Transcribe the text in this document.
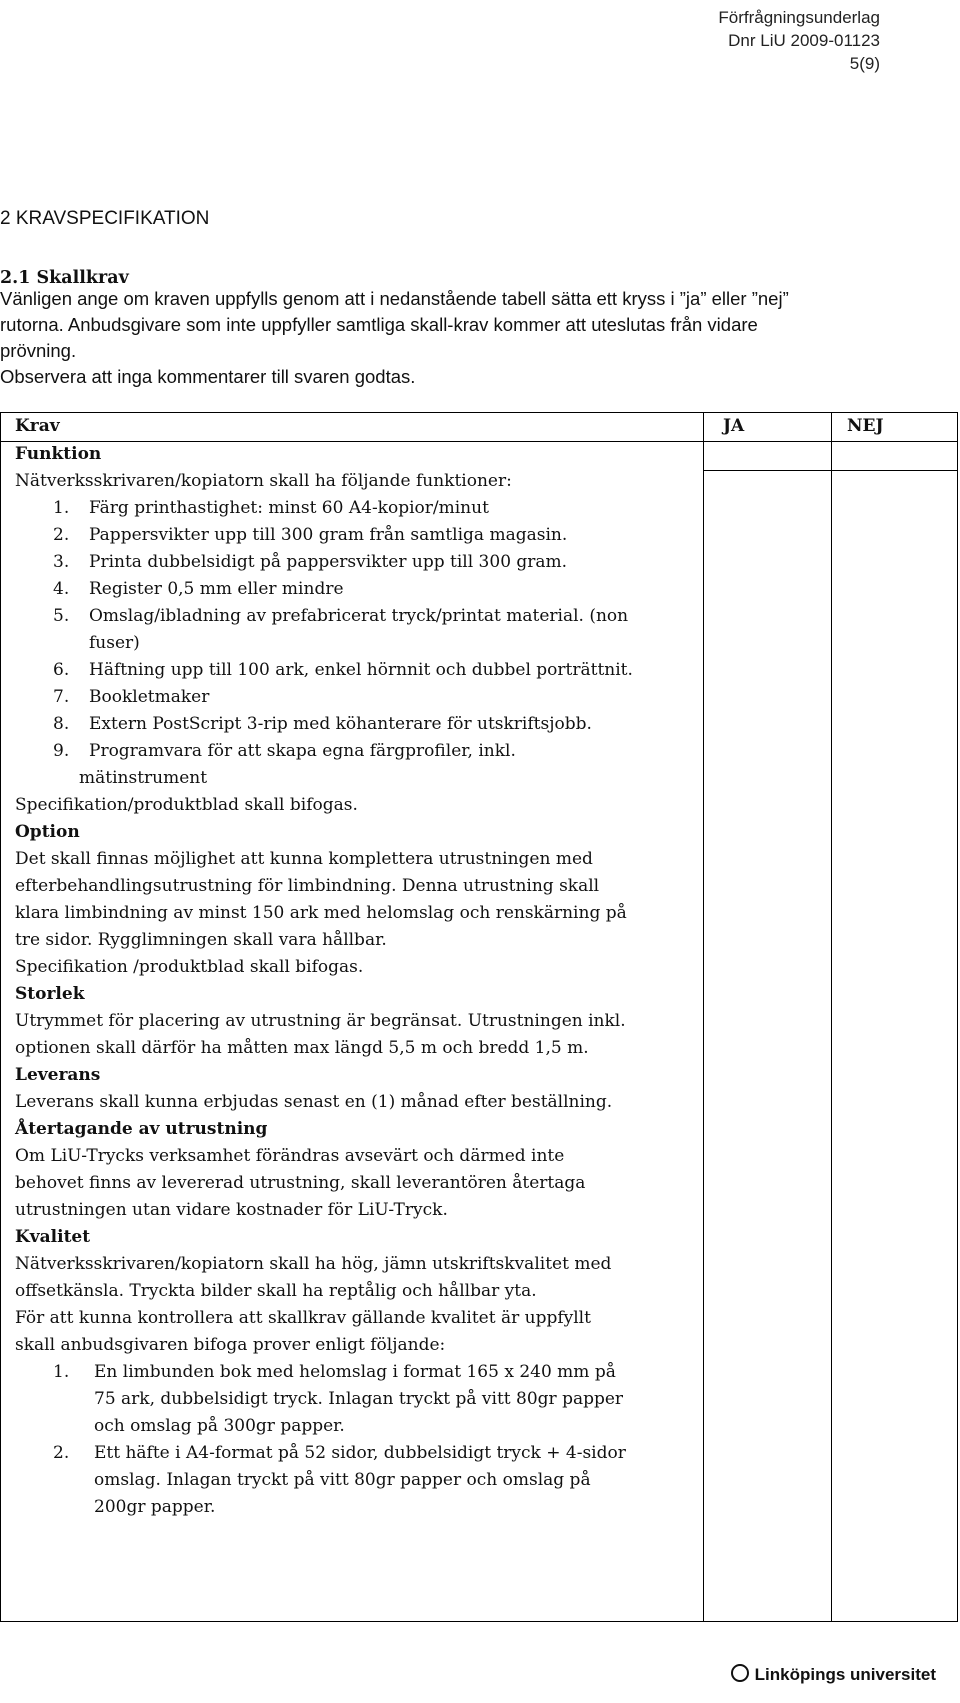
Förfrågningsunderlag
Dnr LiU 2009-01123
5(9)
2 KRAVSPECIFIKATION
2.1 Skallkrav
Vänligen ange om kraven uppfylls genom att i nedanstående tabell sätta ett kryss i ”ja” eller ”nej”
rutorna. Anbudsgivare som inte uppfyller samtliga skall-krav kommer att uteslutas från vidare
prövning.
Observera att inga kommentarer till svaren godtas.
Krav	JA	NEJ
Funktion
Nätverksskrivaren/kopiatorn skall ha följande funktioner:
1. Färg printhastighet: minst 60 A4-kopior/minut
2. Pappersvikter upp till 300 gram från samtliga magasin.
3. Printa dubbelsidigt på pappersvikter upp till 300 gram.
4. Register 0,5 mm eller mindre
5. Omslag/ibladning av prefabricerat tryck/printat material. (non
fuser)
6. Häftning upp till 100 ark, enkel hörnnit och dubbel porträttnit.
7. Bookletmaker
8. Extern PostScript 3-rip med köhanterare för utskriftsjobb.
9. Programvara för att skapa egna färgprofiler, inkl.
mätinstrument
Specifikation/produktblad skall bifogas.
Option
Det skall finnas möjlighet att kunna komplettera utrustningen med
efterbehandlingsutrustning för limbindning. Denna utrustning skall
klara limbindning av minst 150 ark med helomslag och renskärning på
tre sidor. Rygglimningen skall vara hållbar.
Specifikation /produktblad skall bifogas.
Storlek
Utrymmet för placering av utrustning är begränsat. Utrustningen inkl.
optionen skall därför ha måtten max längd 5,5 m och bredd 1,5 m.
Leverans
Leverans skall kunna erbjudas senast en (1) månad efter beställning.
Återtagande av utrustning
Om LiU-Trycks verksamhet förändras avsevärt och därmed inte
behovet finns av levererad utrustning, skall leverantören återtaga
utrustningen utan vidare kostnader för LiU-Tryck.
Kvalitet
Nätverksskrivaren/kopiatorn skall ha hög, jämn utskriftskvalitet med
offsetkänsla. Tryckta bilder skall ha reptålig och hållbar yta.
För att kunna kontrollera att skallkrav gällande kvalitet är uppfyllt
skall anbudsgivaren bifoga prover enligt följande:
1. En limbunden bok med helomslag i format 165 x 240 mm på
75 ark, dubbelsidigt tryck. Inlagan tryckt på vitt 80gr papper
och omslag på 300gr papper.
2. Ett häfte i A4-format på 52 sidor, dubbelsidigt tryck + 4-sidor
omslag. Inlagan tryckt på vitt 80gr papper och omslag på
200gr papper.
Linköpings universitet
